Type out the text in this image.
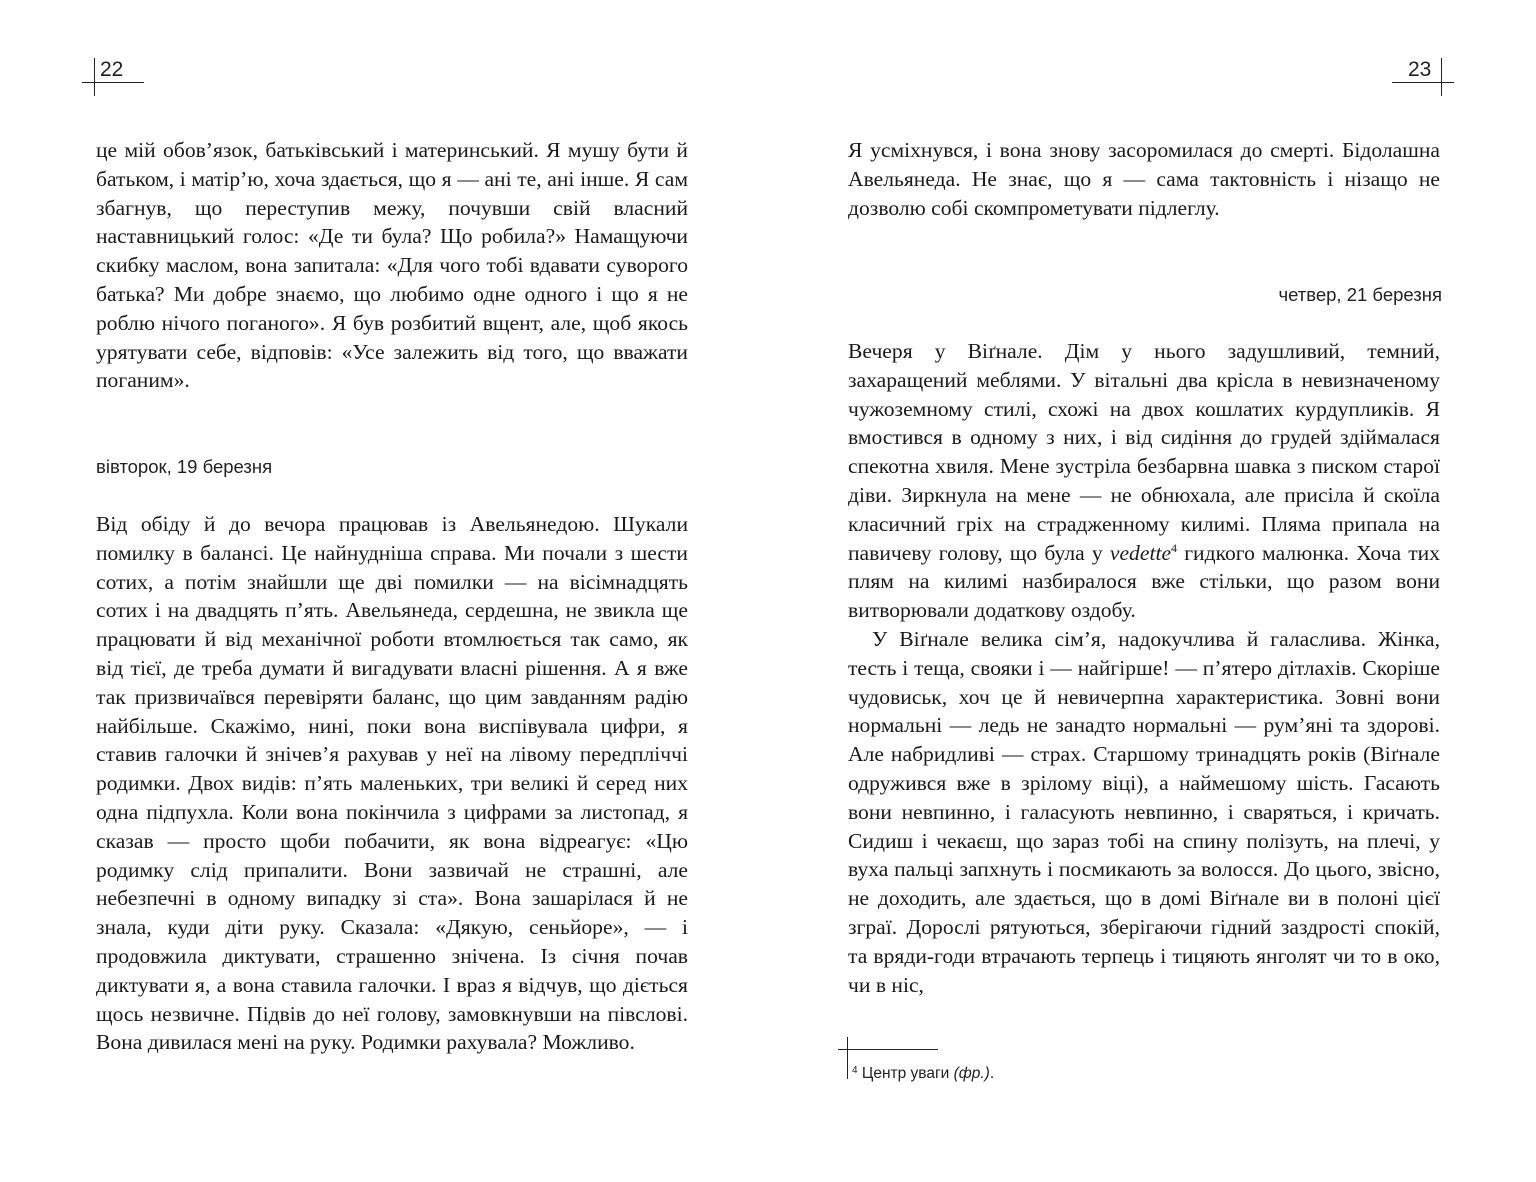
22

це мій обов’язок, батьківський і материнський. Я мушу бути й батьком, і матір’ю, хоча здається, що я — ані те, ані інше. Я сам збагнув, що переступив межу, почувши свій власний наставницький голос: «Де ти була? Що робила?» Намащуючи скибку маслом, вона запитала: «Для чого тобі вдавати суворого батька? Ми добре знаємо, що любимо одне одного і що я не роблю нічого поганого». Я був розбитий вщент, але, щоб якось урятувати себе, відповів: «Усе залежить від того, що вважати поганим».

вівторок, 19 березня

Від обіду й до вечора працював із Авельянедою. Шукали помилку в балансі. Це найнудніша справа. Ми почали з шести сотих, а потім знайшли ще дві помилки — на вісімнадцять сотих і на двадцять п’ять. Авельянеда, сердешна, не звикла ще працювати й від механічної роботи втомлюється так само, як від тієї, де треба думати й вигадувати власні рішення. А я вже так призвичаївся перевіряти баланс, що цим завданням радію найбільше. Скажімо, нині, поки вона виспівувала цифри, я ставив галочки й знічев’я рахував у неї на лівому передпліччі родимки. Двох видів: п’ять маленьких, три великі й серед них одна підпухла. Коли вона покінчила з цифрами за листопад, я сказав — просто щоби побачити, як вона відреагує: «Цю родимку слід припалити. Вони зазвичай не страшні, але небезпечні в одному випадку зі ста». Вона зашарілася й не знала, куди діти руку. Сказала: «Дякую, сеньйоре», — і продовжила диктувати, страшенно знічена. Із січня почав диктувати я, а вона ставила галочки. І враз я відчув, що діється щось незвичне. Підвів до неї голову, замовкнувши на півслові. Вона дивилася мені на руку. Родимки рахувала? Можливо.

23

Я усміхнувся, і вона знову засоромилася до смерті. Бідолашна Авельянеда. Не знає, що я — сама тактовність і нізащо не дозволю собі скомпрометувати підлеглу.

четвер, 21 березня

Вечеря у Віґнале. Дім у нього задушливий, темний, захаращений меблями. У вітальні два крісла в невизначеному чужоземному стилі, схожі на двох кошлатих курдупликів. Я вмостився в одному з них, і від сидіння до грудей здіймалася спекотна хвиля. Мене зустріла безбарвна шавка з писком старої діви. Зиркнула на мене — не обнюхала, але присіла й скоїла класичний гріх на страдженному килимі. Пляма припала на павичеву голову, що була у vedette$^4$ гидкого малюнка. Хоча тих плям на килимі назбиралося вже стільки, що разом вони витворювали додаткову оздобу.

У Віґнале велика сім’я, надокучлива й галаслива. Жінка, тесть і теща, свояки і — найгірше! — п’ятеро дітлахів. Скоріше чудовиськ, хоч це й невичерпна характеристика. Зовні вони нормальні — ледь не занадто нормальні — рум’яні та здорові. Але набридливі — страх. Старшому тринадцять років (Віґнале одружився вже в зрілому віці), а наймешому шість. Гасають вони невпинно, і галасують невпинно, і сваряться, і кричать. Сидиш і чекаєш, що зараз тобі на спину полізуть, на плечі, у вуха пальці запхнуть і посмикають за волосся. До цього, звісно, не доходить, але здається, що в домі Віґнале ви в полоні цієї зграї. Дорослі рятуються, зберігаючи гідний заздрості спокій, та вряди-годи втрачають терпець і тицяють янголят чи то в око, чи в ніс,

$^4$ Центр уваги (фр.).
